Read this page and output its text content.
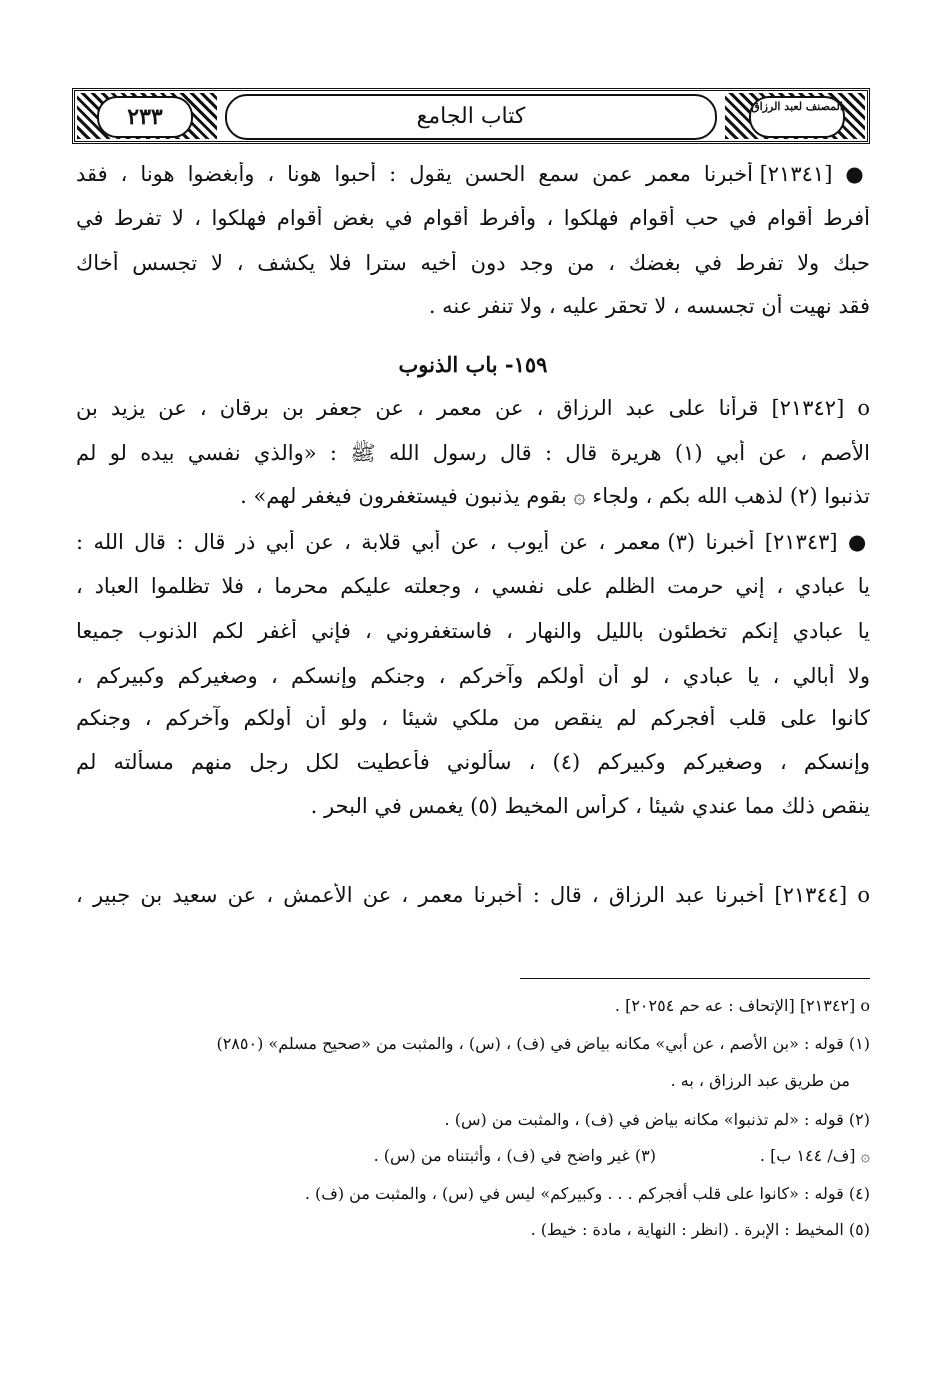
كتاب الجامع
٢٣٣	المصنف لعبد الرزاق
● [٢١٣٤١] أخبرنا معمر عمن سمع الحسن يقول : أحبوا هونا ، وأبغضوا هونا ، فقد
أفرط أقوام في حب أقوام فهلكوا ، وأفرط أقوام في بغض أقوام فهلكوا ، لا تفرط في
حبك ولا تفرط في بغضك ، من وجد دون أخيه سترا فلا يكشف ، لا تجسس أخاك
فقد نهيت أن تجسسه ، لا تحقر عليه ، ولا تنفر عنه .
١٥٩- باب الذنوب
ο [٢١٣٤٢] قرأنا على عبد الرزاق ، عن معمر ، عن جعفر بن برقان ، عن يزيد بن
الأصم ، عن أبي (١) هريرة قال : قال رسول الله ﷺ : «والذي نفسي بيده لو لم
تذنبوا (٢) لذهب الله بكم ، ولجاء ۞ بقوم يذنبون فيستغفرون فيغفر لهم» .
● [٢١٣٤٣] أخبرنا (٣) معمر ، عن أيوب ، عن أبي قلابة ، عن أبي ذر قال : قال الله :
يا عبادي ، إني حرمت الظلم على نفسي ، وجعلته عليكم محرما ، فلا تظلموا العباد ،
يا عبادي إنكم تخطئون بالليل والنهار ، فاستغفروني ، فإني أغفر لكم الذنوب جميعا
ولا أبالي ، يا عبادي ، لو أن أولكم وآخركم ، وجنكم وإنسكم ، وصغيركم وكبيركم ،
كانوا على قلب أفجركم لم ينقص من ملكي شيئا ، ولو أن أولكم وآخركم ، وجنكم
وإنسكم ، وصغيركم وكبيركم (٤) ، سألوني فأعطيت لكل رجل منهم مسألته لم
ينقص ذلك مما عندي شيئا ، كرأس المخيط (٥) يغمس في البحر .
ο [٢١٣٤٤] أخبرنا عبد الرزاق ، قال : أخبرنا معمر ، عن الأعمش ، عن سعيد بن جبير ،
ο [٢١٣٤٢] [الإتحاف : عه حم ٢٠٢٥٤] .
(١) قوله : «بن الأصم ، عن أبي» مكانه بياض في (ف) ، (س) ، والمثبت من «صحيح مسلم» (٢٨٥٠)
من طريق عبد الرزاق ، به .
(٢) قوله : «لم تذنبوا» مكانه بياض في (ف) ، والمثبت من (س) .
۞ [ف/ ١٤٤ ب] .
(٣) غير واضح في (ف) ، وأثبتناه من (س) .
(٤) قوله : «كانوا على قلب أفجركم . . . وكبيركم» ليس في (س) ، والمثبت من (ف) .
(٥) المخيط : الإبرة . (انظر : النهاية ، مادة : خيط) .
